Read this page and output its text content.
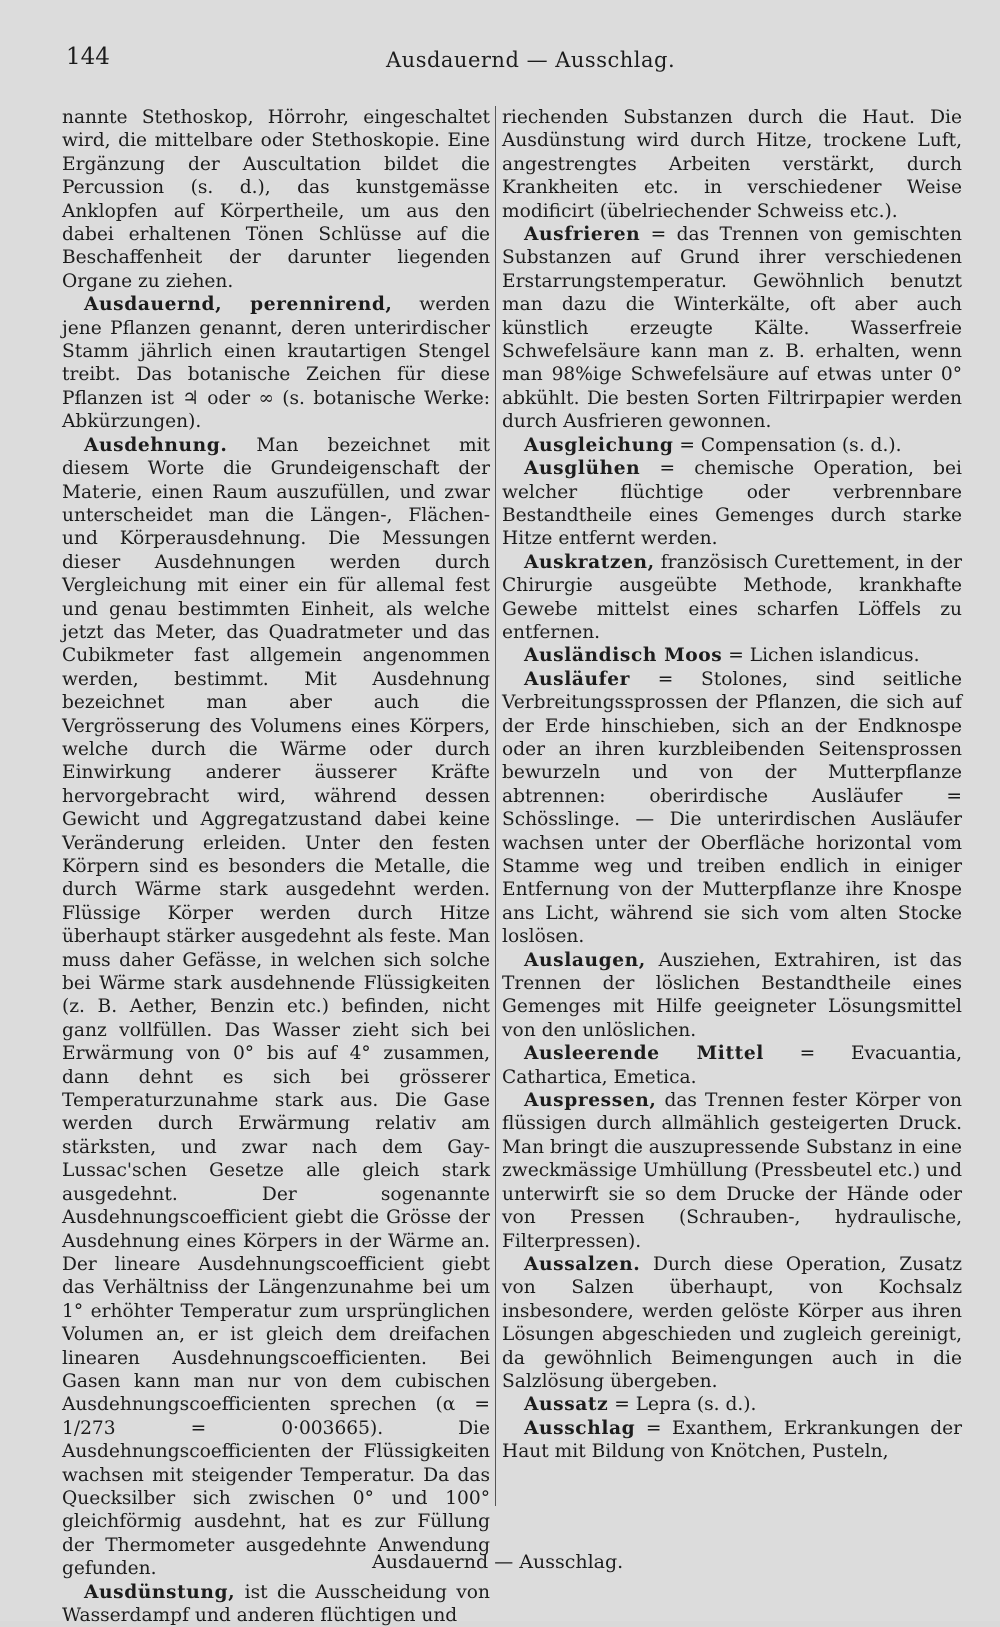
144	Ausdauernd — Ausschlag.

nannte Stethoskop, Hörrohr, eingeschaltet wird, die mittelbare oder Stethoskopie. Eine Ergänzung der Auscultation bildet die Percussion (s. d.), das kunstgemässe Anklopfen auf Körpertheile, um aus den dabei erhaltenen Tönen Schlüsse auf die Beschaffenheit der darunter liegenden Organe zu ziehen.

Ausdauernd, perennirend, werden jene Pflanzen genannt, deren unterirdischer Stamm jährlich einen krautartigen Stengel treibt. Das botanische Zeichen für diese Pflanzen ist ♃ oder ∞ (s. botanische Werke: Abkürzungen).

Ausdehnung. Man bezeichnet mit diesem Worte die Grundeigenschaft der Materie, einen Raum auszufüllen, und zwar unterscheidet man die Längen-, Flächen- und Körperausdehnung. Die Messungen dieser Ausdehnungen werden durch Vergleichung mit einer ein für allemal fest und genau bestimmten Einheit, als welche jetzt das Meter, das Quadratmeter und das Cubikmeter fast allgemein angenommen werden, bestimmt. Mit Ausdehnung bezeichnet man aber auch die Vergrösserung des Volumens eines Körpers, welche durch die Wärme oder durch Einwirkung anderer äusserer Kräfte hervorgebracht wird, während dessen Gewicht und Aggregatzustand dabei keine Veränderung erleiden. Unter den festen Körpern sind es besonders die Metalle, die durch Wärme stark ausgedehnt werden. Flüssige Körper werden durch Hitze überhaupt stärker ausgedehnt als feste. Man muss daher Gefässe, in welchen sich solche bei Wärme stark ausdehnende Flüssigkeiten (z. B. Aether, Benzin etc.) befinden, nicht ganz vollfüllen. Das Wasser zieht sich bei Erwärmung von 0° bis auf 4° zusammen, dann dehnt es sich bei grösserer Temperaturzunahme stark aus. Die Gase werden durch Erwärmung relativ am stärksten, und zwar nach dem Gay-Lussac'schen Gesetze alle gleich stark ausgedehnt. Der sogenannte Ausdehnungscoefficient giebt die Grösse der Ausdehnung eines Körpers in der Wärme an. Der lineare Ausdehnungscoefficient giebt das Verhältniss der Längenzunahme bei um 1° erhöhter Temperatur zum ursprünglichen Volumen an, er ist gleich dem dreifachen linearen Ausdehnungscoefficienten. Bei Gasen kann man nur von dem cubischen Ausdehnungscoefficienten sprechen (α = 1/273 = 0·003665). Die Ausdehnungscoefficienten der Flüssigkeiten wachsen mit steigender Temperatur. Da das Quecksilber sich zwischen 0° und 100° gleichförmig ausdehnt, hat es zur Füllung der Thermometer ausgedehnte Anwendung gefunden.

Ausdünstung, ist die Ausscheidung von Wasserdampf und anderen flüchtigen und

riechenden Substanzen durch die Haut. Die Ausdünstung wird durch Hitze, trockene Luft, angestrengtes Arbeiten verstärkt, durch Krankheiten etc. in verschiedener Weise modificirt (übelriechender Schweiss etc.).

Ausfrieren = das Trennen von gemischten Substanzen auf Grund ihrer verschiedenen Erstarrungstemperatur. Gewöhnlich benutzt man dazu die Winterkälte, oft aber auch künstlich erzeugte Kälte. Wasserfreie Schwefelsäure kann man z. B. erhalten, wenn man 98%ige Schwefelsäure auf etwas unter 0° abkühlt. Die besten Sorten Filtrirpapier werden durch Ausfrieren gewonnen.

Ausgleichung = Compensation (s. d.).

Ausglühen = chemische Operation, bei welcher flüchtige oder verbrennbare Bestandtheile eines Gemenges durch starke Hitze entfernt werden.

Auskratzen, französisch Curettement, in der Chirurgie ausgeübte Methode, krankhafte Gewebe mittelst eines scharfen Löffels zu entfernen.

Ausländisch Moos = Lichen islandicus.

Ausläufer = Stolones, sind seitliche Verbreitungssprossen der Pflanzen, die sich auf der Erde hinschieben, sich an der Endknospe oder an ihren kurzbleibenden Seitensprossen bewurzeln und von der Mutterpflanze abtrennen: oberirdische Ausläufer = Schösslinge. — Die unterirdischen Ausläufer wachsen unter der Oberfläche horizontal vom Stamme weg und treiben endlich in einiger Entfernung von der Mutterpflanze ihre Knospe ans Licht, während sie sich vom alten Stocke loslösen.

Auslaugen, Ausziehen, Extrahiren, ist das Trennen der löslichen Bestandtheile eines Gemenges mit Hilfe geeigneter Lösungsmittel von den unlöslichen.

Ausleerende Mittel = Evacuantia, Cathartica, Emetica.

Auspressen, das Trennen fester Körper von flüssigen durch allmählich gesteigerten Druck. Man bringt die auszupressende Substanz in eine zweckmässige Umhüllung (Pressbeutel etc.) und unterwirft sie so dem Drucke der Hände oder von Pressen (Schrauben-, hydraulische, Filterpressen).

Aussalzen. Durch diese Operation, Zusatz von Salzen überhaupt, von Kochsalz insbesondere, werden gelöste Körper aus ihren Lösungen abgeschieden und zugleich gereinigt, da gewöhnlich Beimengungen auch in die Salzlösung übergeben.

Aussatz = Lepra (s. d.).

Ausschlag = Exanthem, Erkrankungen der Haut mit Bildung von Knötchen, Pusteln,

Ausdauernd — Ausschlag.
